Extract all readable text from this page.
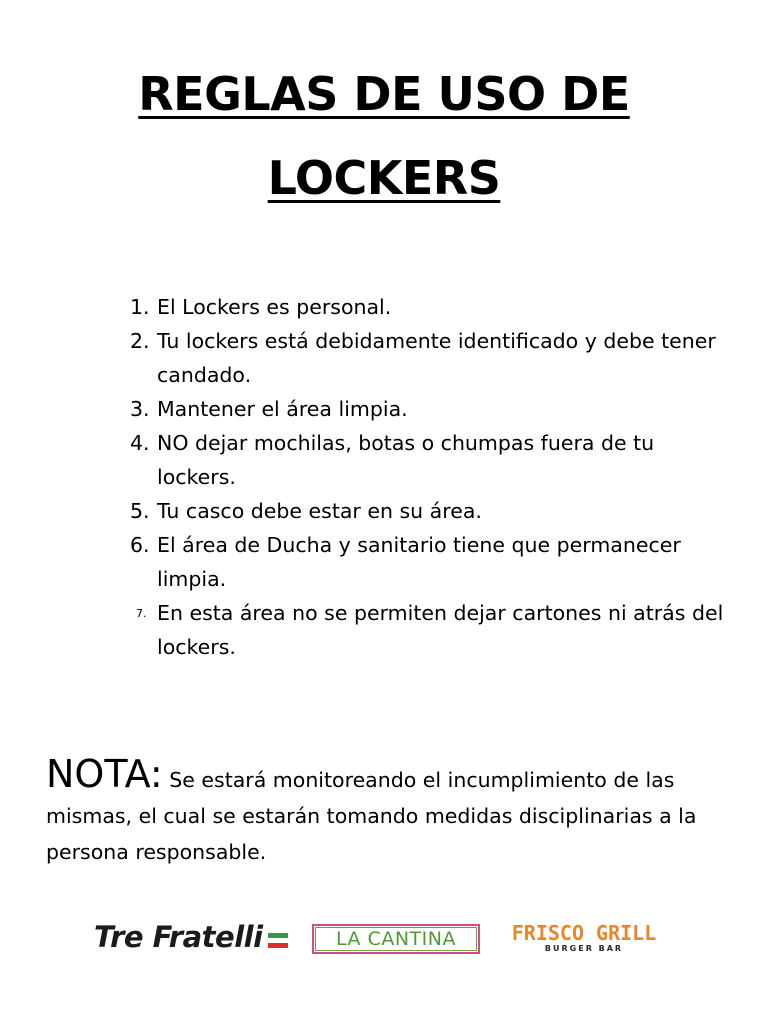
REGLAS DE USO DE
LOCKERS
1. El Lockers es personal.
2. Tu lockers está debidamente identificado y debe tener candado.
3. Mantener el área limpia.
4. NO dejar mochilas, botas o chumpas fuera de tu lockers.
5. Tu casco debe estar en su área.
6. El área de Ducha y sanitario tiene que permanecer limpia.
7. En esta área no se permiten dejar cartones ni atrás del lockers.

NOTA: Se estará monitoreando el incumplimiento de las mismas, el cual se estarán tomando medidas disciplinarias a la persona responsable.

Tre Fratelli	LA CANTINA	FRISCO GRILL
BURGER BAR
